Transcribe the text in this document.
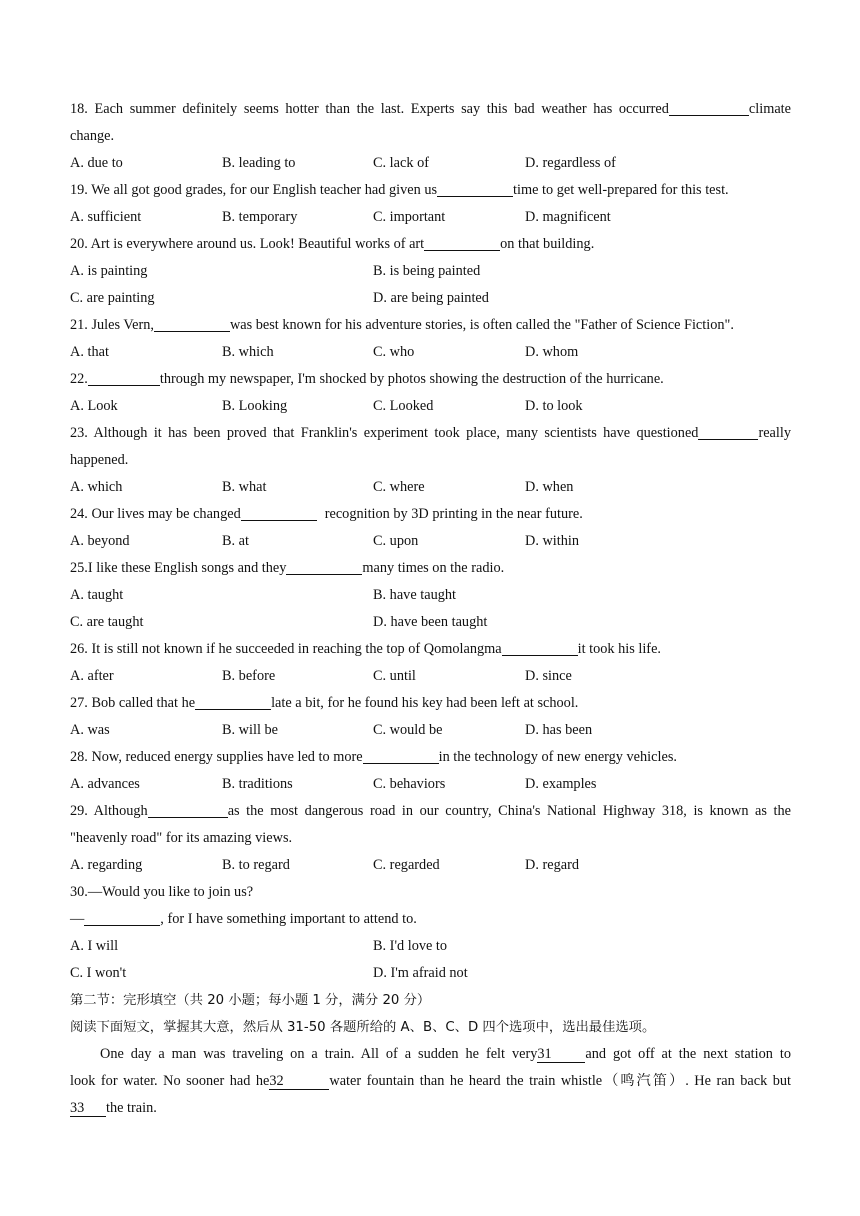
18. Each summer definitely seems hotter than the last. Experts say this bad weather has occurred	climate
change.
A. due to	B. leading to	C. lack of	D. regardless of
19. We all got good grades, for our English teacher had given us	time to get well-prepared for this test.
A. sufficient	B. temporary	C. important	D. magnificent
20. Art is everywhere around us. Look! Beautiful works of art	on that building.
A. is painting	B. is being painted
C. are painting	D. are being painted
21. Jules Vern,	was best known for his adventure stories, is often called the "Father of Science Fiction".
A. that	B. which	C. who	D. whom
22.	through my newspaper, I'm shocked by photos showing the destruction of the hurricane.
A. Look	B. Looking	C. Looked	D. to look
23. Although it has been proved that Franklin's experiment took place, many scientists have questioned	really
happened.
A. which	B. what	C. where	D. when
24. Our lives may be changed	recognition by 3D printing in the near future.
A. beyond	B. at	C. upon	D. within
25.I like these English songs and they	many times on the radio.
A. taught	B. have taught
C. are taught	D. have been taught
26. It is still not known if he succeeded in reaching the top of Qomolangma	it took his life.
A. after	B. before	C. until	D. since
27. Bob called that he	late a bit, for he found his key had been left at school.
A. was	B. will be	C. would be	D. has been
28. Now, reduced energy supplies have led to more	in the technology of new energy vehicles.
A. advances	B. traditions	C. behaviors	D. examples
29. Although	as the most dangerous road in our country, China's National Highway 318, is known as the
"heavenly road" for its amazing views.
A. regarding	B. to regard	C. regarded	D. regard
30.—Would you like to join us?
—	, for I have something important to attend to.
A. I will	B. I'd love to
C. I won't	D. I'm afraid not
第二节：完形填空（共 20 小题；每小题 1 分，满分 20 分）
阅读下面短文，掌握其大意，然后从 31-50 各题所给的 A、B、C、D 四个选项中，选出最佳选项。
One day a man was traveling on a train. All of a sudden he felt very31 and got off at the next station to
look for water. No sooner had he32	water fountain than he heard the train whistle（鸣汽笛）. He ran back but
33 the train.
